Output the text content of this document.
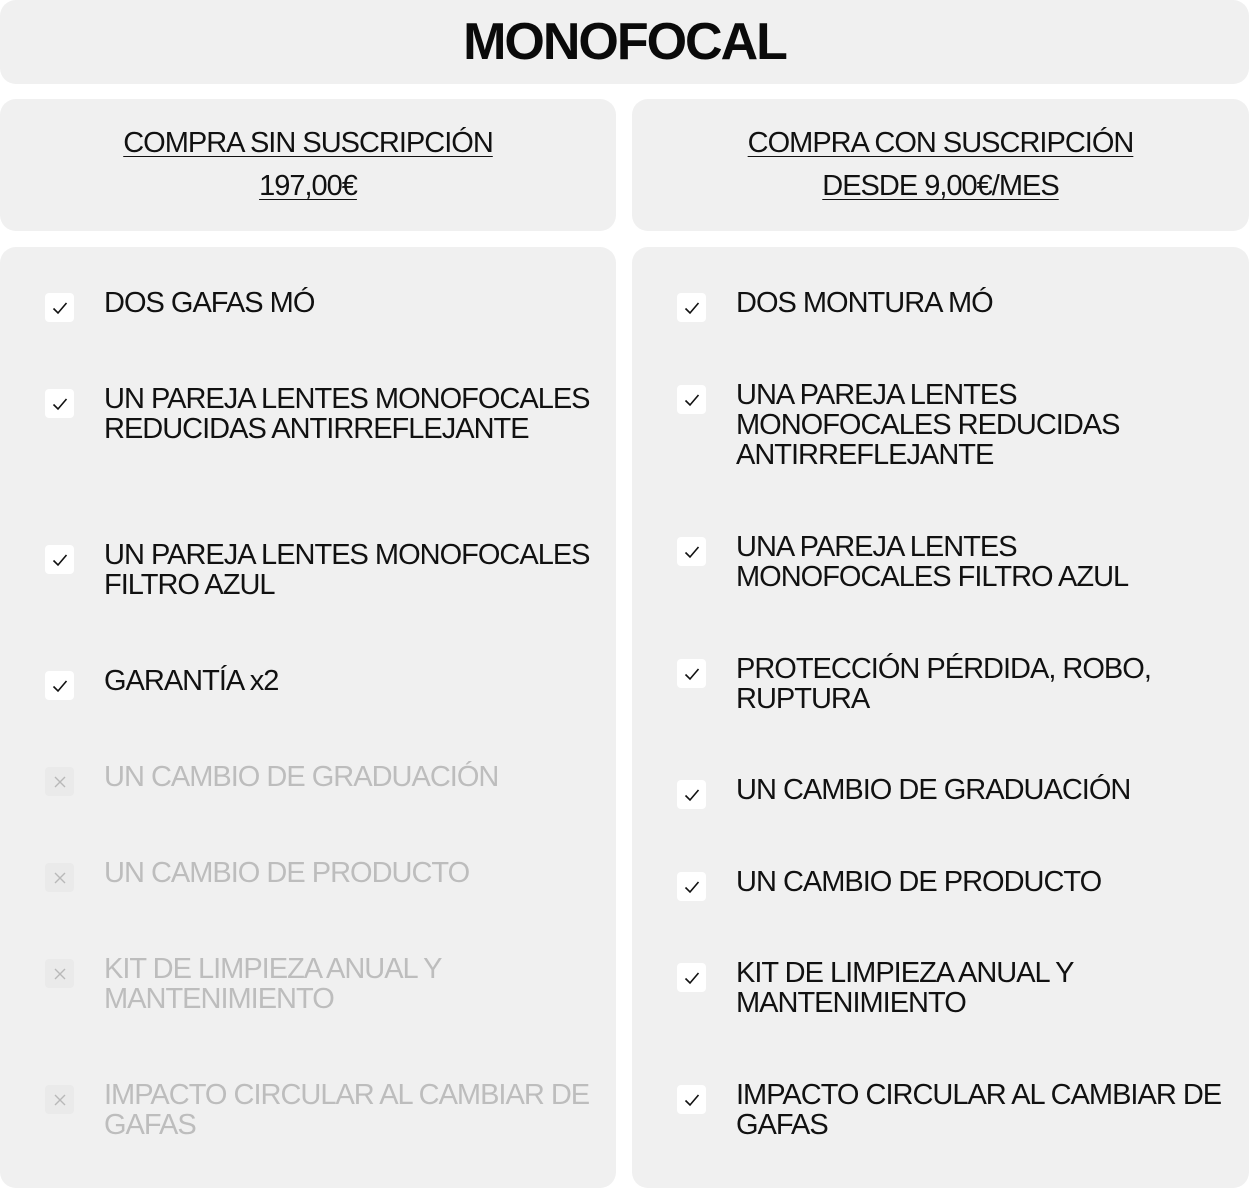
MONOFOCAL
COMPRA SIN SUSCRIPCIÓN
197,00€
COMPRA CON SUSCRIPCIÓN
DESDE 9,00€/MES
DOS GAFAS MÓ
UN PAREJA LENTES MONOFOCALES REDUCIDAS ANTIRREFLEJANTE
UN PAREJA LENTES MONOFOCALES FILTRO AZUL
GARANTÍA x2
UN CAMBIO DE GRADUACIÓN
UN CAMBIO DE PRODUCTO
KIT DE LIMPIEZA ANUAL Y MANTENIMIENTO
IMPACTO CIRCULAR AL CAMBIAR DE GAFAS
DOS MONTURA MÓ
UNA PAREJA LENTES MONOFOCALES REDUCIDAS ANTIRREFLEJANTE
UNA PAREJA LENTES MONOFOCALES FILTRO AZUL
PROTECCIÓN PÉRDIDA, ROBO, RUPTURA
UN CAMBIO DE GRADUACIÓN
UN CAMBIO DE PRODUCTO
KIT DE LIMPIEZA ANUAL Y MANTENIMIENTO
IMPACTO CIRCULAR AL CAMBIAR DE GAFAS
